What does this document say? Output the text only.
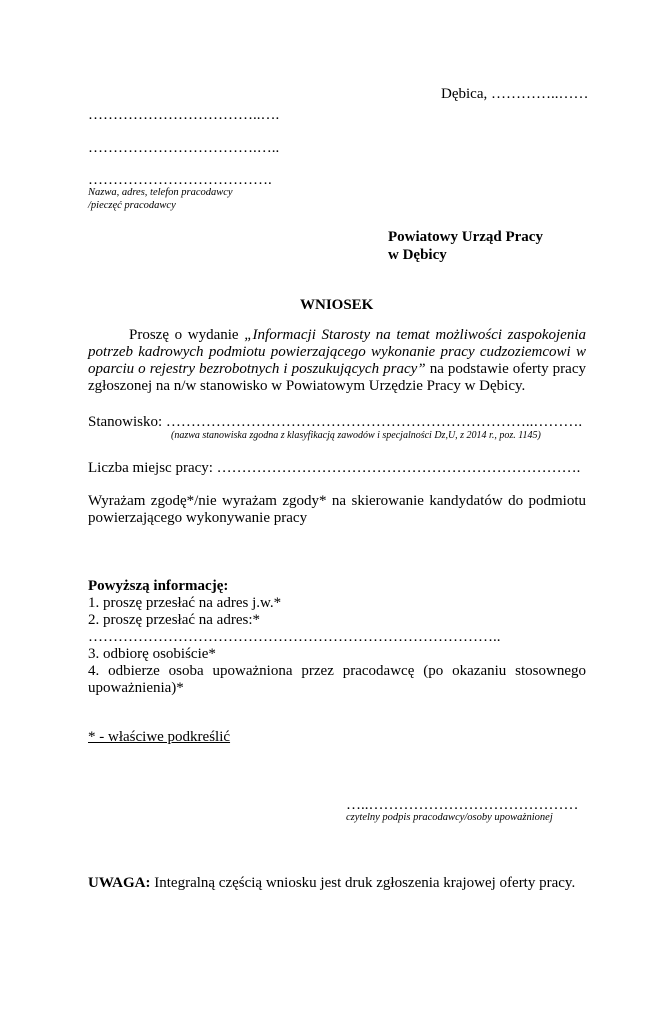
Dębica, …………..……
……………………………..….
…………………………….…..
……………………………….
Nazwa, adres, telefon pracodawcy
/pieczęć pracodawcy
Powiatowy Urząd Pracy
w Dębicy
WNIOSEK
Proszę o wydanie „Informacji Starosty na temat możliwości zaspokojenia potrzeb kadrowych podmiotu powierzającego wykonanie pracy cudzoziemcowi w oparciu o rejestry bezrobotnych i poszukujących pracy” na podstawie oferty pracy zgłoszonej na n/w stanowisko w Powiatowym Urzędzie Pracy w Dębicy.
Stanowisko: ………………………………………………………………..……….
(nazwa stanowiska zgodna z klasyfikacją zawodów i specjalności Dz,U, z 2014 r., poz. 1145)
Liczba miejsc pracy: ……………………………………………………………….
Wyrażam zgodę*/nie wyrażam zgody* na skierowanie kandydatów do podmiotu powierzającego wykonywanie pracy
Powyższą informację:
1. proszę przesłać na adres j.w.*
2. proszę przesłać na adres:*
………………………………………………………………………..
3. odbiorę osobiście*
4. odbierze osoba upoważniona przez pracodawcę (po okazaniu stosownego upoważnienia)*
* - właściwe podkreślić
…..……………………………………
czytelny podpis pracodawcy/osoby upoważnionej
UWAGA: Integralną częścią wniosku jest druk zgłoszenia krajowej oferty pracy.
